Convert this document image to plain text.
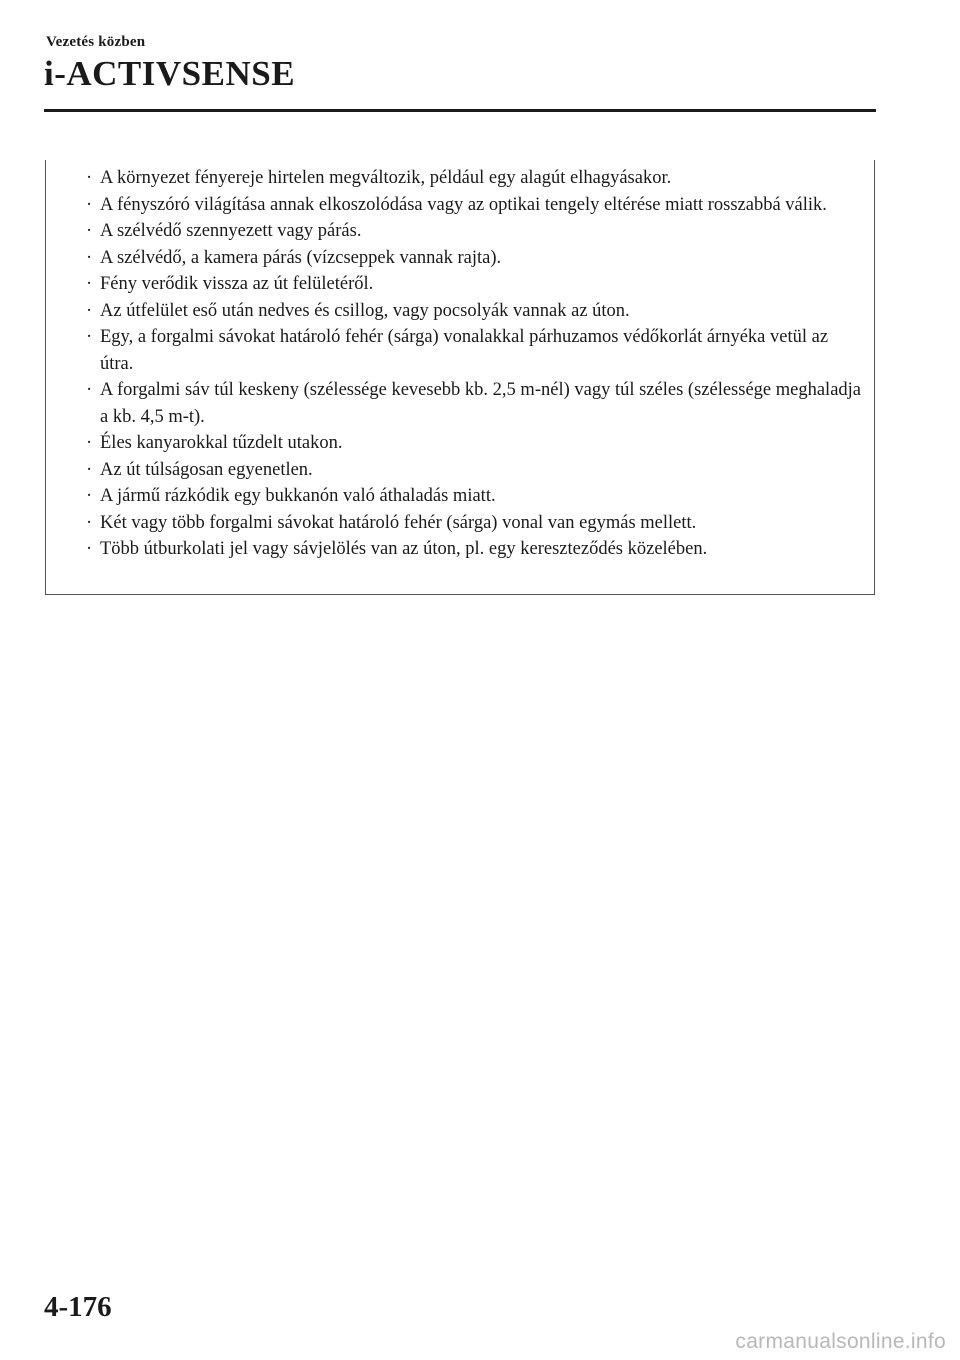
Vezetés közben
i-ACTIVSENSE
· A környezet fényereje hirtelen megváltozik, például egy alagút elhagyásakor.
· A fényszóró világítása annak elkoszolódása vagy az optikai tengely eltérése miatt rosszabbá válik.
· A szélvédő szennyezett vagy párás.
· A szélvédő, a kamera párás (vízcseppek vannak rajta).
· Fény verődik vissza az út felületéről.
· Az útfelület eső után nedves és csillog, vagy pocsolyák vannak az úton.
· Egy, a forgalmi sávokat határoló fehér (sárga) vonalakkal párhuzamos védőkorlát árnyéka vetül az útra.
· A forgalmi sáv túl keskeny (szélessége kevesebb kb. 2,5 m-nél) vagy túl széles (szélessége meghaladja a kb. 4,5 m-t).
· Éles kanyarokkal tűzdelt utakon.
· Az út túlságosan egyenetlen.
· A jármű rázkódik egy bukkanón való áthaladás miatt.
· Két vagy több forgalmi sávokat határoló fehér (sárga) vonal van egymás mellett.
· Több útburkolati jel vagy sávjelölés van az úton, pl. egy kereszteződés közelében.
4-176
carmanualsonline.info
